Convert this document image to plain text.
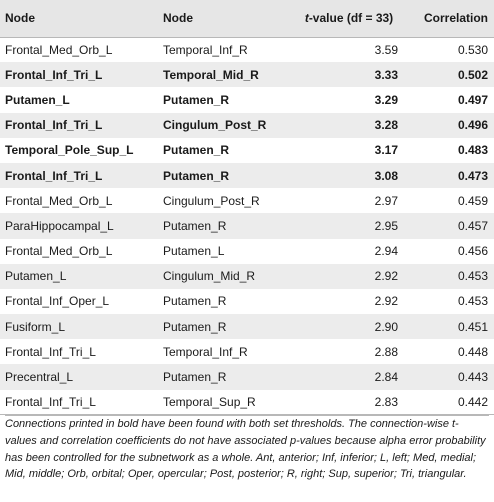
Node	Node	t-value (df = 33)	Correlation
Frontal_Med_Orb_L	Temporal_Inf_R	3.59	0.530
Frontal_Inf_Tri_L	Temporal_Mid_R	3.33	0.502
Putamen_L	Putamen_R	3.29	0.497
Frontal_Inf_Tri_L	Cingulum_Post_R	3.28	0.496
Temporal_Pole_Sup_L	Putamen_R	3.17	0.483
Frontal_Inf_Tri_L	Putamen_R	3.08	0.473
Frontal_Med_Orb_L	Cingulum_Post_R	2.97	0.459
ParaHippocampal_L	Putamen_R	2.95	0.457
Frontal_Med_Orb_L	Putamen_L	2.94	0.456
Putamen_L	Cingulum_Mid_R	2.92	0.453
Frontal_Inf_Oper_L	Putamen_R	2.92	0.453
Fusiform_L	Putamen_R	2.90	0.451
Frontal_Inf_Tri_L	Temporal_Inf_R	2.88	0.448
Precentral_L	Putamen_R	2.84	0.443
Frontal_Inf_Tri_L	Temporal_Sup_R	2.83	0.442
Connections printed in bold have been found with both set thresholds. The connection-wise t-values and correlation coefficients do not have associated p-values because alpha error probability has been controlled for the subnetwork as a whole. Ant, anterior; Inf, inferior; L, left; Med, medial; Mid, middle; Orb, orbital; Oper, opercular; Post, posterior; R, right; Sup, superior; Tri, triangular.
